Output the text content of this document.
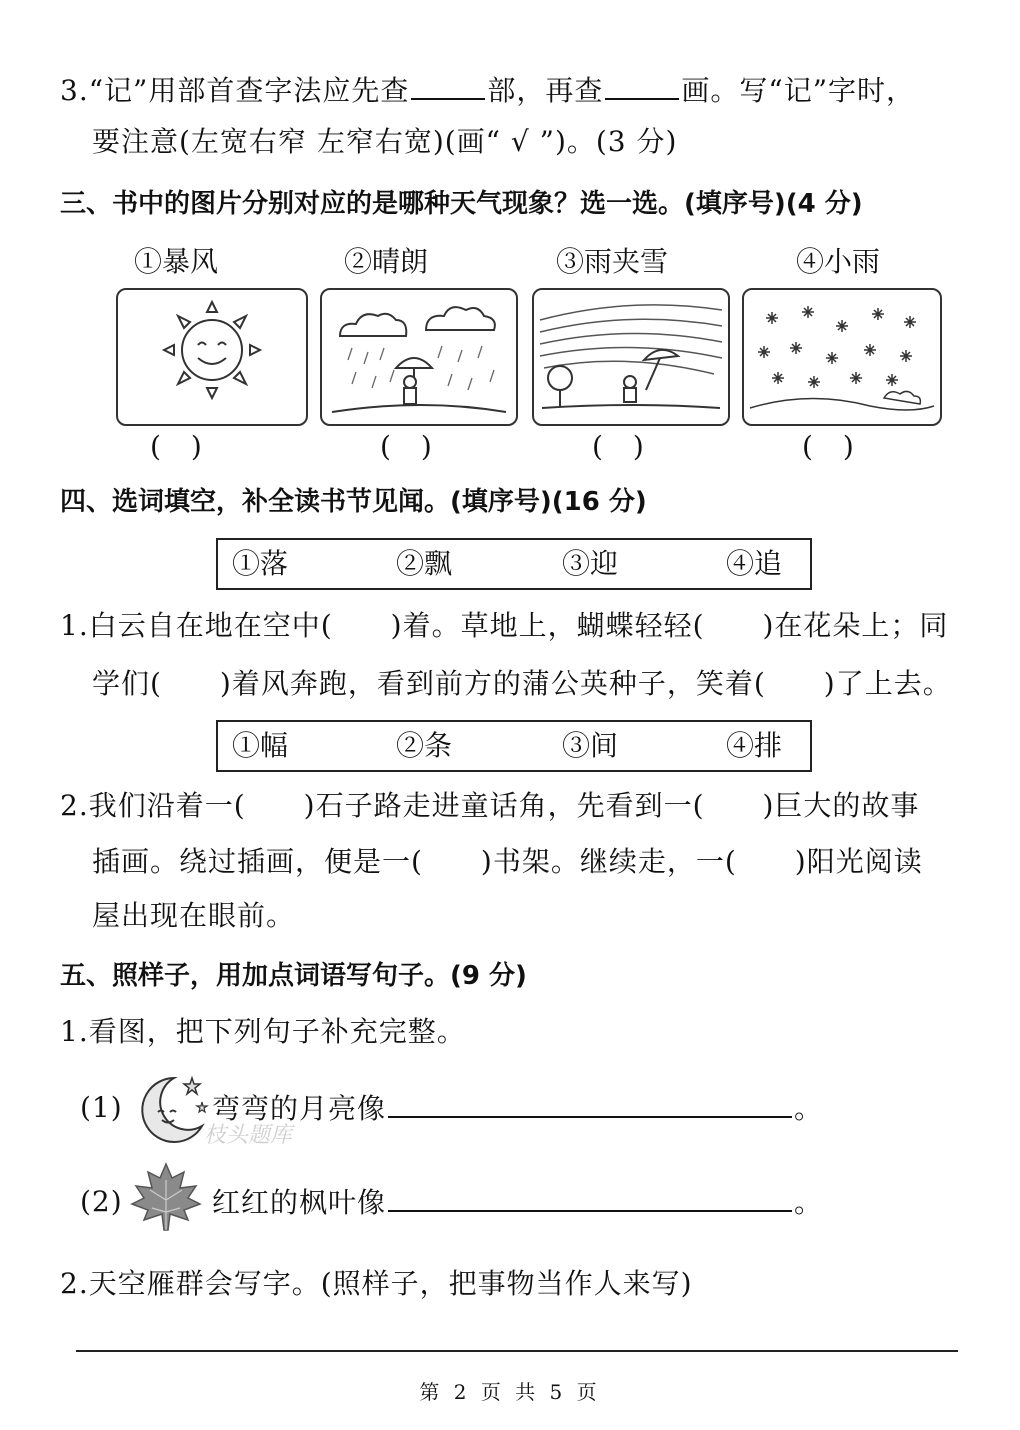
3.“记”用部首查字法应先查	部，再查	画。写“记”字时，
要注意(左宽右窄 左窄右宽)(画“ √ ”)。(3 分)
三、书中的图片分别对应的是哪种天气现象？选一选。(填序号)(4 分)
①暴风	②晴朗	③雨夹雪	④小雨
()	()	()	()
四、选词填空，补全读书节见闻。(填序号)(16 分)
①落	②飘	③迎	④追
1.白云自在地在空中(　　)着。草地上，蝴蝶轻轻(　　)在花朵上；同
学们(　　)着风奔跑，看到前方的蒲公英种子，笑着(　　)了上去。
①幅	②条	③间	④排
2.我们沿着一(　　)石子路走进童话角，先看到一(　　)巨大的故事
插画。绕过插画，便是一(　　)书架。继续走，一(　　)阳光阅读
屋出现在眼前。
五、照样子，用加点词语写句子。(9 分)
1.看图，把下列句子补充完整。
(1)	弯弯的月亮像	。
枝头题库
(2)	红红的枫叶像	。
2.天空雁群会写字。(照样子，把事物当作人来写)
第 2 页 共 5 页
